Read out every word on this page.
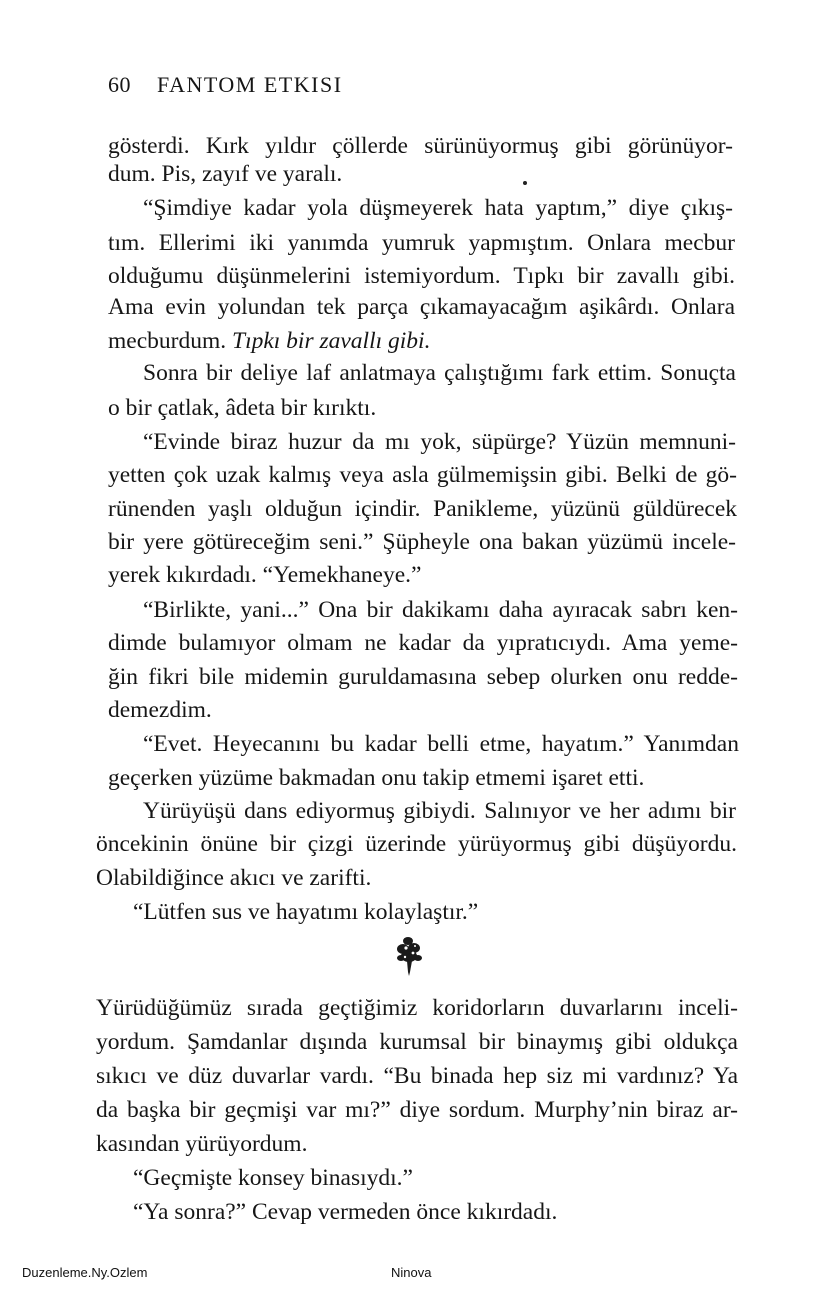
60 FANTOM ETKISI
gösterdi. Kırk yıldır çöllerde sürünüyormuş gibi görünüyor-
dum. Pis, zayıf ve yaralı.
“Şimdiye kadar yola düşmeyerek hata yaptım,” diye çıkış-
tım. Ellerimi iki yanımda yumruk yapmıştım. Onlara mecbur
olduğumu düşünmelerini istemiyordum. Tıpkı bir zavallı gibi.
Ama evin yolundan tek parça çıkamayacağım aşikârdı. Onlara
mecburdum. Tıpkı bir zavallı gibi.
Sonra bir deliye laf anlatmaya çalıştığımı fark ettim. Sonuçta
o bir çatlak, âdeta bir kırıktı.
“Evinde biraz huzur da mı yok, süpürge? Yüzün memnuni-
yetten çok uzak kalmış veya asla gülmemişsin gibi. Belki de gö-
rünenden yaşlı olduğun içindir. Panikleme, yüzünü güldürecek
bir yere götüreceğim seni.” Şüpheyle ona bakan yüzümü incele-
yerek kıkırdadı. “Yemekhaneye.”
“Birlikte, yani...” Ona bir dakikamı daha ayıracak sabrı ken-
dimde bulamıyor olmam ne kadar da yıpratıcıydı. Ama yeme-
ğin fikri bile midemin guruldamasına sebep olurken onu redde-
demezdim.
“Evet. Heyecanını bu kadar belli etme, hayatım.” Yanımdan
geçerken yüzüme bakmadan onu takip etmemi işaret etti.
Yürüyüşü dans ediyormuş gibiydi. Salınıyor ve her adımı bir
öncekinin önüne bir çizgi üzerinde yürüyormuş gibi düşüyordu.
Olabildiğince akıcı ve zarifti.
“Lütfen sus ve hayatımı kolaylaştır.”
Yürüdüğümüz sırada geçtiğimiz koridorların duvarlarını inceli-
yordum. Şamdanlar dışında kurumsal bir binaymış gibi oldukça
sıkıcı ve düz duvarlar vardı. “Bu binada hep siz mi vardınız? Ya
da başka bir geçmişi var mı?” diye sordum. Murphy’nin biraz ar-
kasından yürüyordum.
“Geçmişte konsey binasıydı.”
“Ya sonra?” Cevap vermeden önce kıkırdadı.
Duzenleme.Ny.Ozlem	Ninova
